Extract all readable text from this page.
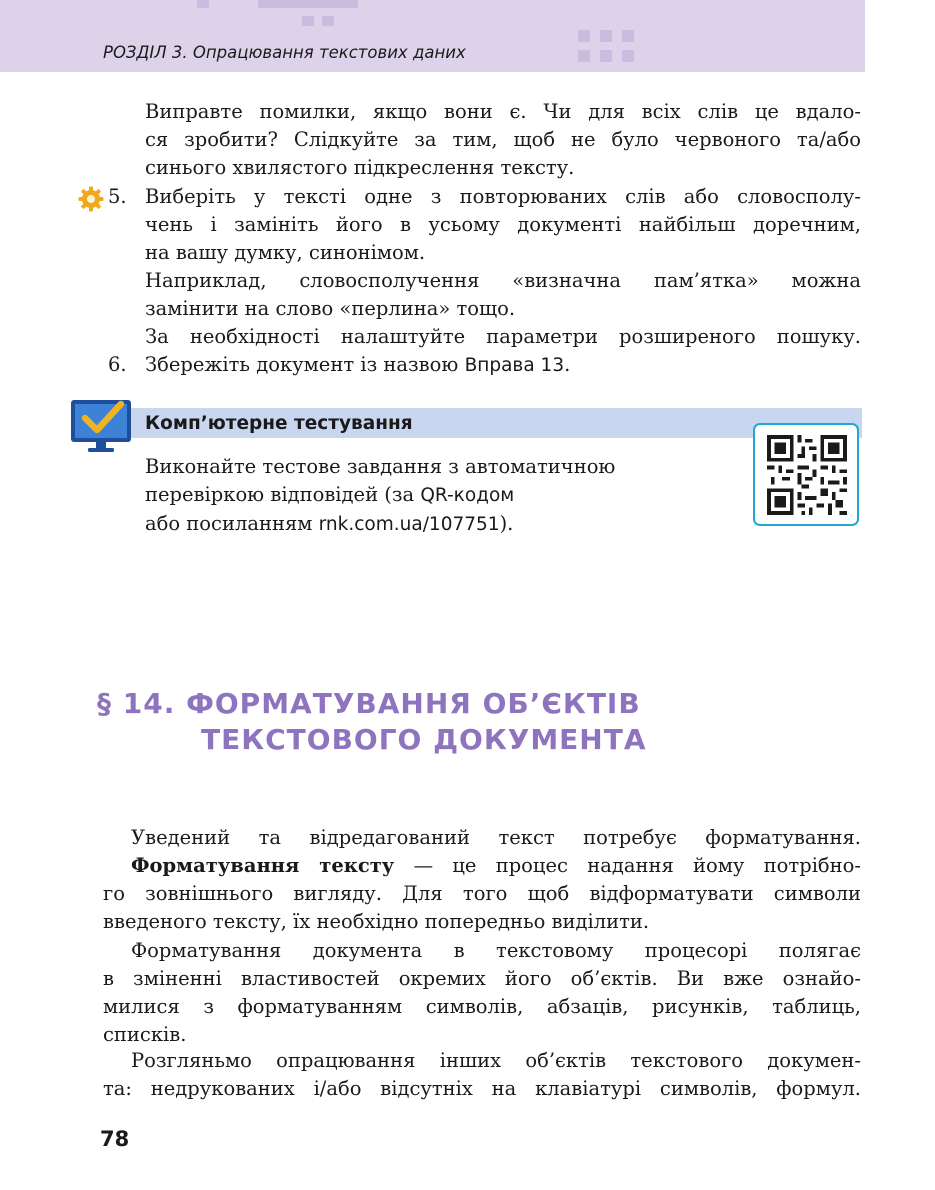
РОЗДІЛ 3. Опрацювання текстових даних
Виправте помилки, якщо вони є. Чи для всіх слів це вдало-
ся зробити? Слідкуйте за тим, щоб не було червоного та/або
синього хвилястого підкреслення тексту.
5. Виберіть у тексті одне з повторюваних слів або словосполу-
чень і замініть його в усьому документі найбільш доречним,
на вашу думку, синонімом.
Наприклад, словосполучення «визначна пам’ятка» можна
замінити на слово «перлина» тощо.
За необхідності налаштуйте параметри розширеного пошуку.
6. Збережіть документ із назвою Вправа 13.
Комп’ютерне тестування
Виконайте тестове завдання з автоматичною
перевіркою відповідей (за QR-кодом
або посиланням rnk.com.ua/107751).
§ 14. ФОРМАТУВАННЯ ОБ’ЄКТІВ
ТЕКСТОВОГО ДОКУМЕНТА
Уведений та відредагований текст потребує форматування.
Форматування тексту — це процес надання йому потрібно-
го зовнішнього вигляду. Для того щоб відформатувати символи
введеного тексту, їх необхідно попередньо виділити.
Форматування документа в текстовому процесорі полягає
в зміненні властивостей окремих його об’єктів. Ви вже ознайо-
милися з форматуванням символів, абзаців, рисунків, таблиць,
списків.
Розгляньмо опрацювання інших об’єктів текстового докумен-
та: недрукованих і/або відсутніх на клавіатурі символів, формул.
78
